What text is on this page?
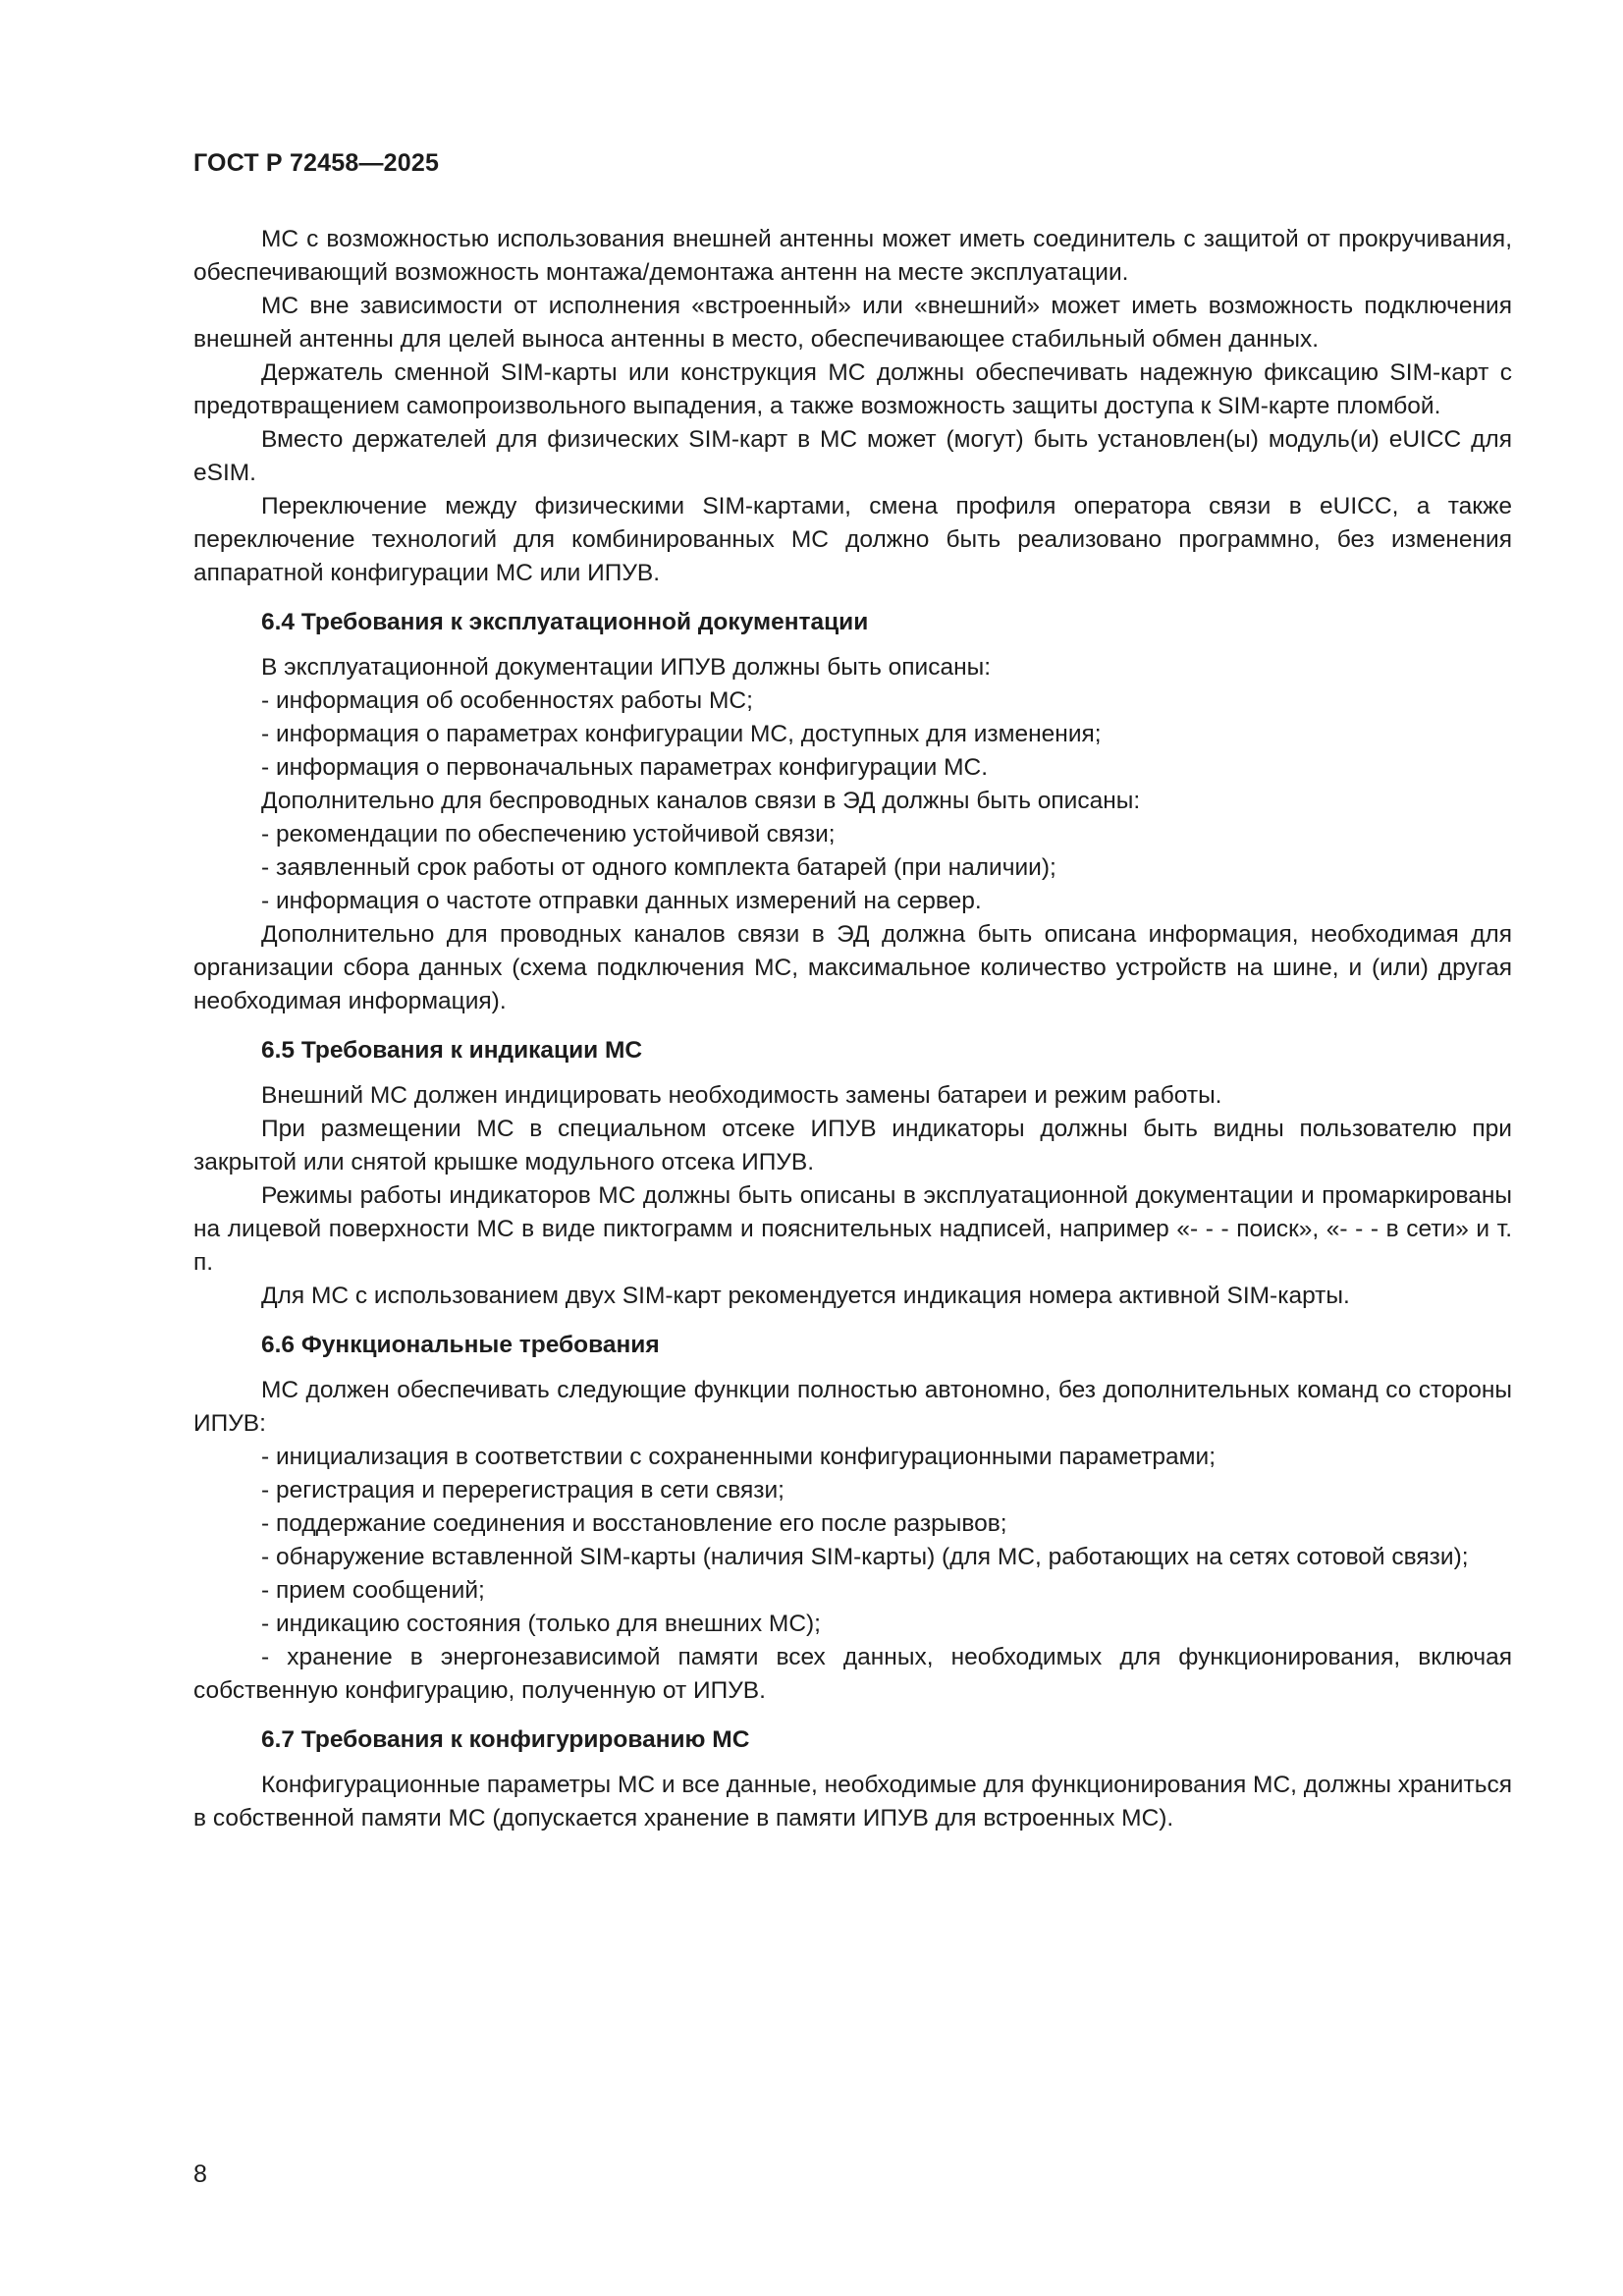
ГОСТ Р 72458—2025

МС с возможностью использования внешней антенны может иметь соединитель с защитой от прокручивания, обеспечивающий возможность монтажа/демонтажа антенн на месте эксплуатации.

МС вне зависимости от исполнения «встроенный» или «внешний» может иметь возможность подключения внешней антенны для целей выноса антенны в место, обеспечивающее стабильный обмен данных.

Держатель сменной SIM-карты или конструкция МС должны обеспечивать надежную фиксацию SIM-карт с предотвращением самопроизвольного выпадения, а также возможность защиты доступа к SIM-карте пломбой.

Вместо держателей для физических SIM-карт в МС может (могут) быть установлен(ы) модуль(и) eUICC для eSIM.

Переключение между физическими SIM-картами, смена профиля оператора связи в eUICC, а также переключение технологий для комбинированных МС должно быть реализовано программно, без изменения аппаратной конфигурации МС или ИПУВ.

6.4 Требования к эксплуатационной документации

В эксплуатационной документации ИПУВ должны быть описаны:

- информация об особенностях работы МС;

- информация о параметрах конфигурации МС, доступных для изменения;

- информация о первоначальных параметрах конфигурации МС.

Дополнительно для беспроводных каналов связи в ЭД должны быть описаны:

- рекомендации по обеспечению устойчивой связи;

- заявленный срок работы от одного комплекта батарей (при наличии);

- информация о частоте отправки данных измерений на сервер.

Дополнительно для проводных каналов связи в ЭД должна быть описана информация, необходимая для организации сбора данных (схема подключения МС, максимальное количество устройств на шине, и (или) другая необходимая информация).

6.5 Требования к индикации МС

Внешний МС должен индицировать необходимость замены батареи и режим работы.

При размещении МС в специальном отсеке ИПУВ индикаторы должны быть видны пользователю при закрытой или снятой крышке модульного отсека ИПУВ.

Режимы работы индикаторов МС должны быть описаны в эксплуатационной документации и промаркированы на лицевой поверхности МС в виде пиктограмм и пояснительных надписей, например «- - - поиск», «- - - в сети» и т. п.

Для МС с использованием двух SIM-карт рекомендуется индикация номера активной SIM-карты.

6.6 Функциональные требования

МС должен обеспечивать следующие функции полностью автономно, без дополнительных команд со стороны ИПУВ:

- инициализация в соответствии с сохраненными конфигурационными параметрами;

- регистрация и перерегистрация в сети связи;

- поддержание соединения и восстановление его после разрывов;

- обнаружение вставленной SIM-карты (наличия SIM-карты) (для МС, работающих на сетях сотовой связи);

- прием сообщений;

- индикацию состояния (только для внешних МС);

- хранение в энергонезависимой памяти всех данных, необходимых для функционирования, включая собственную конфигурацию, полученную от ИПУВ.

6.7 Требования к конфигурированию МС

Конфигурационные параметры МС и все данные, необходимые для функционирования МС, должны храниться в собственной памяти МС (допускается хранение в памяти ИПУВ для встроенных МС).

8
